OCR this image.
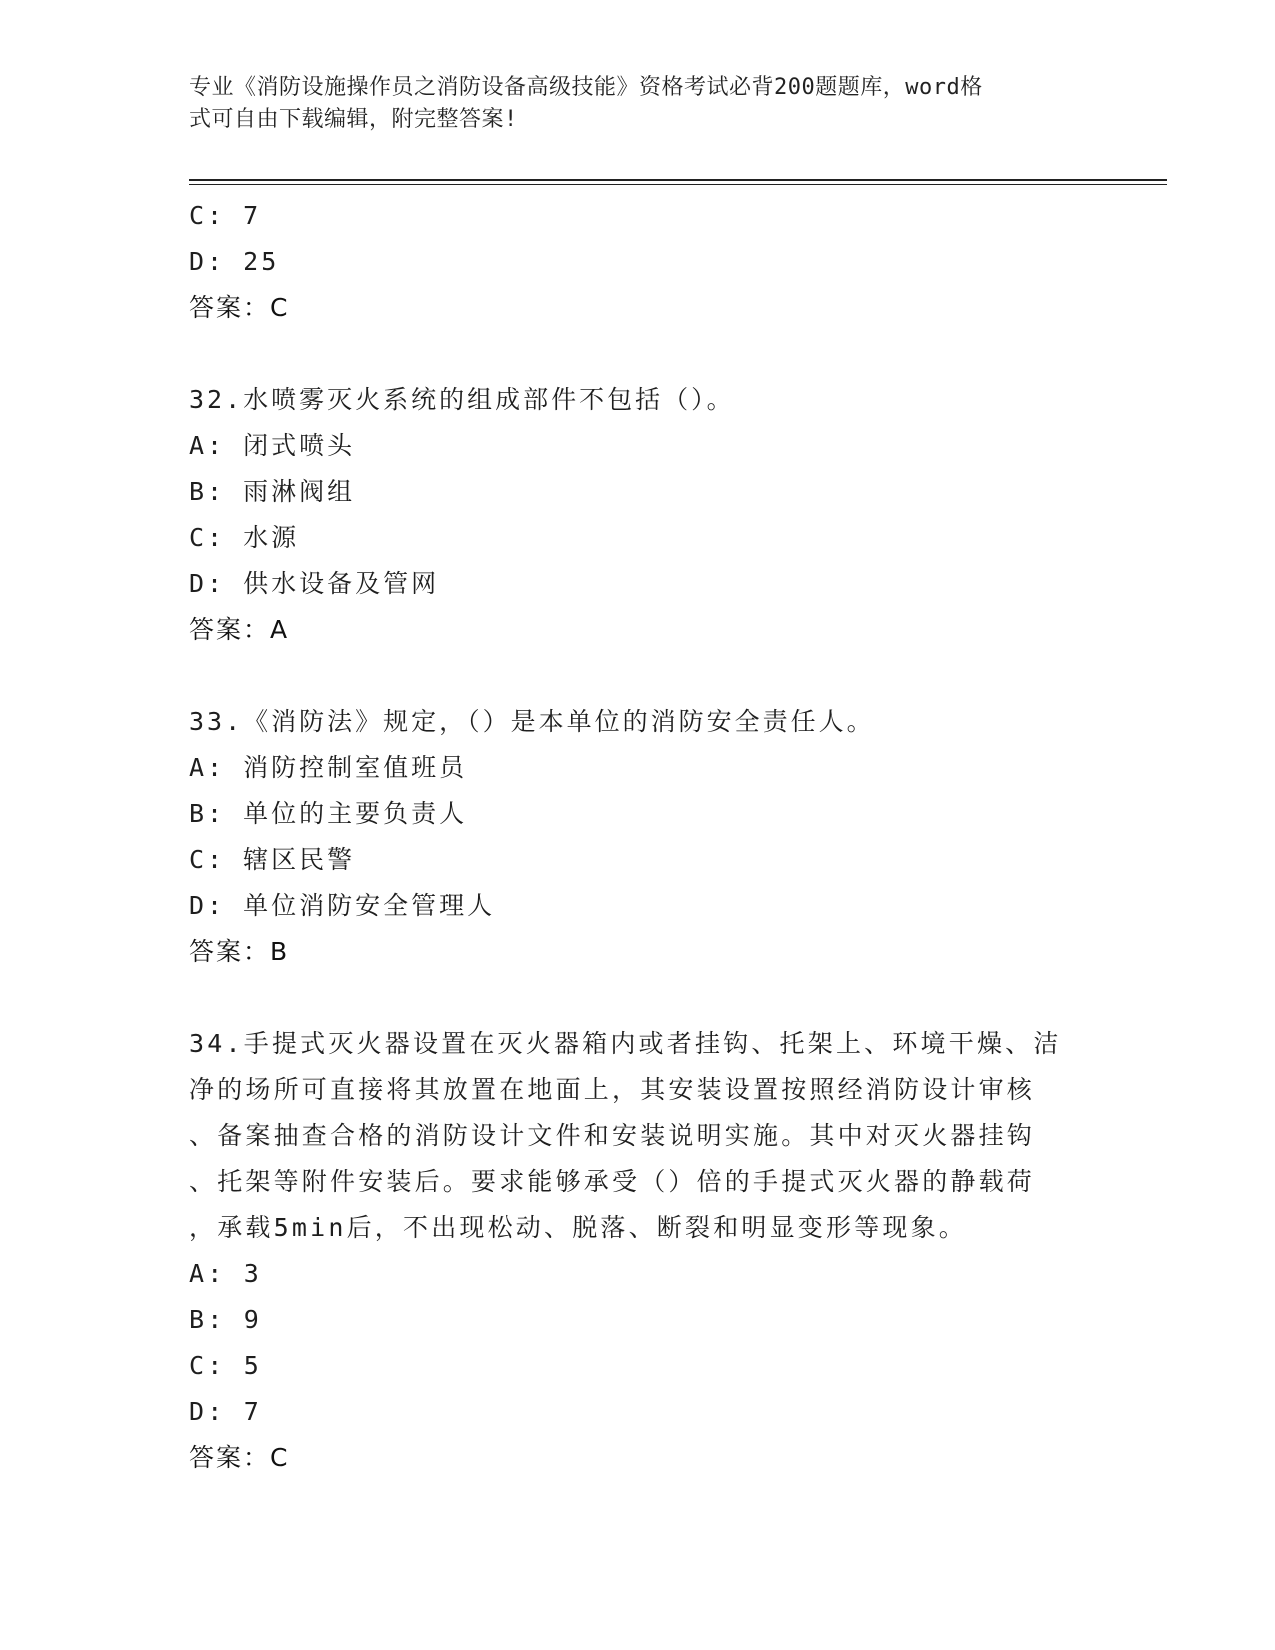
专业《消防设施操作员之消防设备高级技能》资格考试必背200题题库，word格
式可自由下载编辑，附完整答案!
C: 7
D: 25
答案：C
32.水喷雾灭火系统的组成部件不包括（）。
A: 闭式喷头
B: 雨淋阀组
C: 水源
D: 供水设备及管网
答案：A
33.《消防法》规定，（）是本单位的消防安全责任人。
A: 消防控制室值班员
B: 单位的主要负责人
C: 辖区民警
D: 单位消防安全管理人
答案：B
34.手提式灭火器设置在灭火器箱内或者挂钩、托架上、环境干燥、洁
净的场所可直接将其放置在地面上，其安装设置按照经消防设计审核
、备案抽查合格的消防设计文件和安装说明实施。其中对灭火器挂钩
、托架等附件安装后。要求能够承受（）倍的手提式灭火器的静载荷
，承载5min后，不出现松动、脱落、断裂和明显变形等现象。
A: 3
B: 9
C: 5
D: 7
答案：C
